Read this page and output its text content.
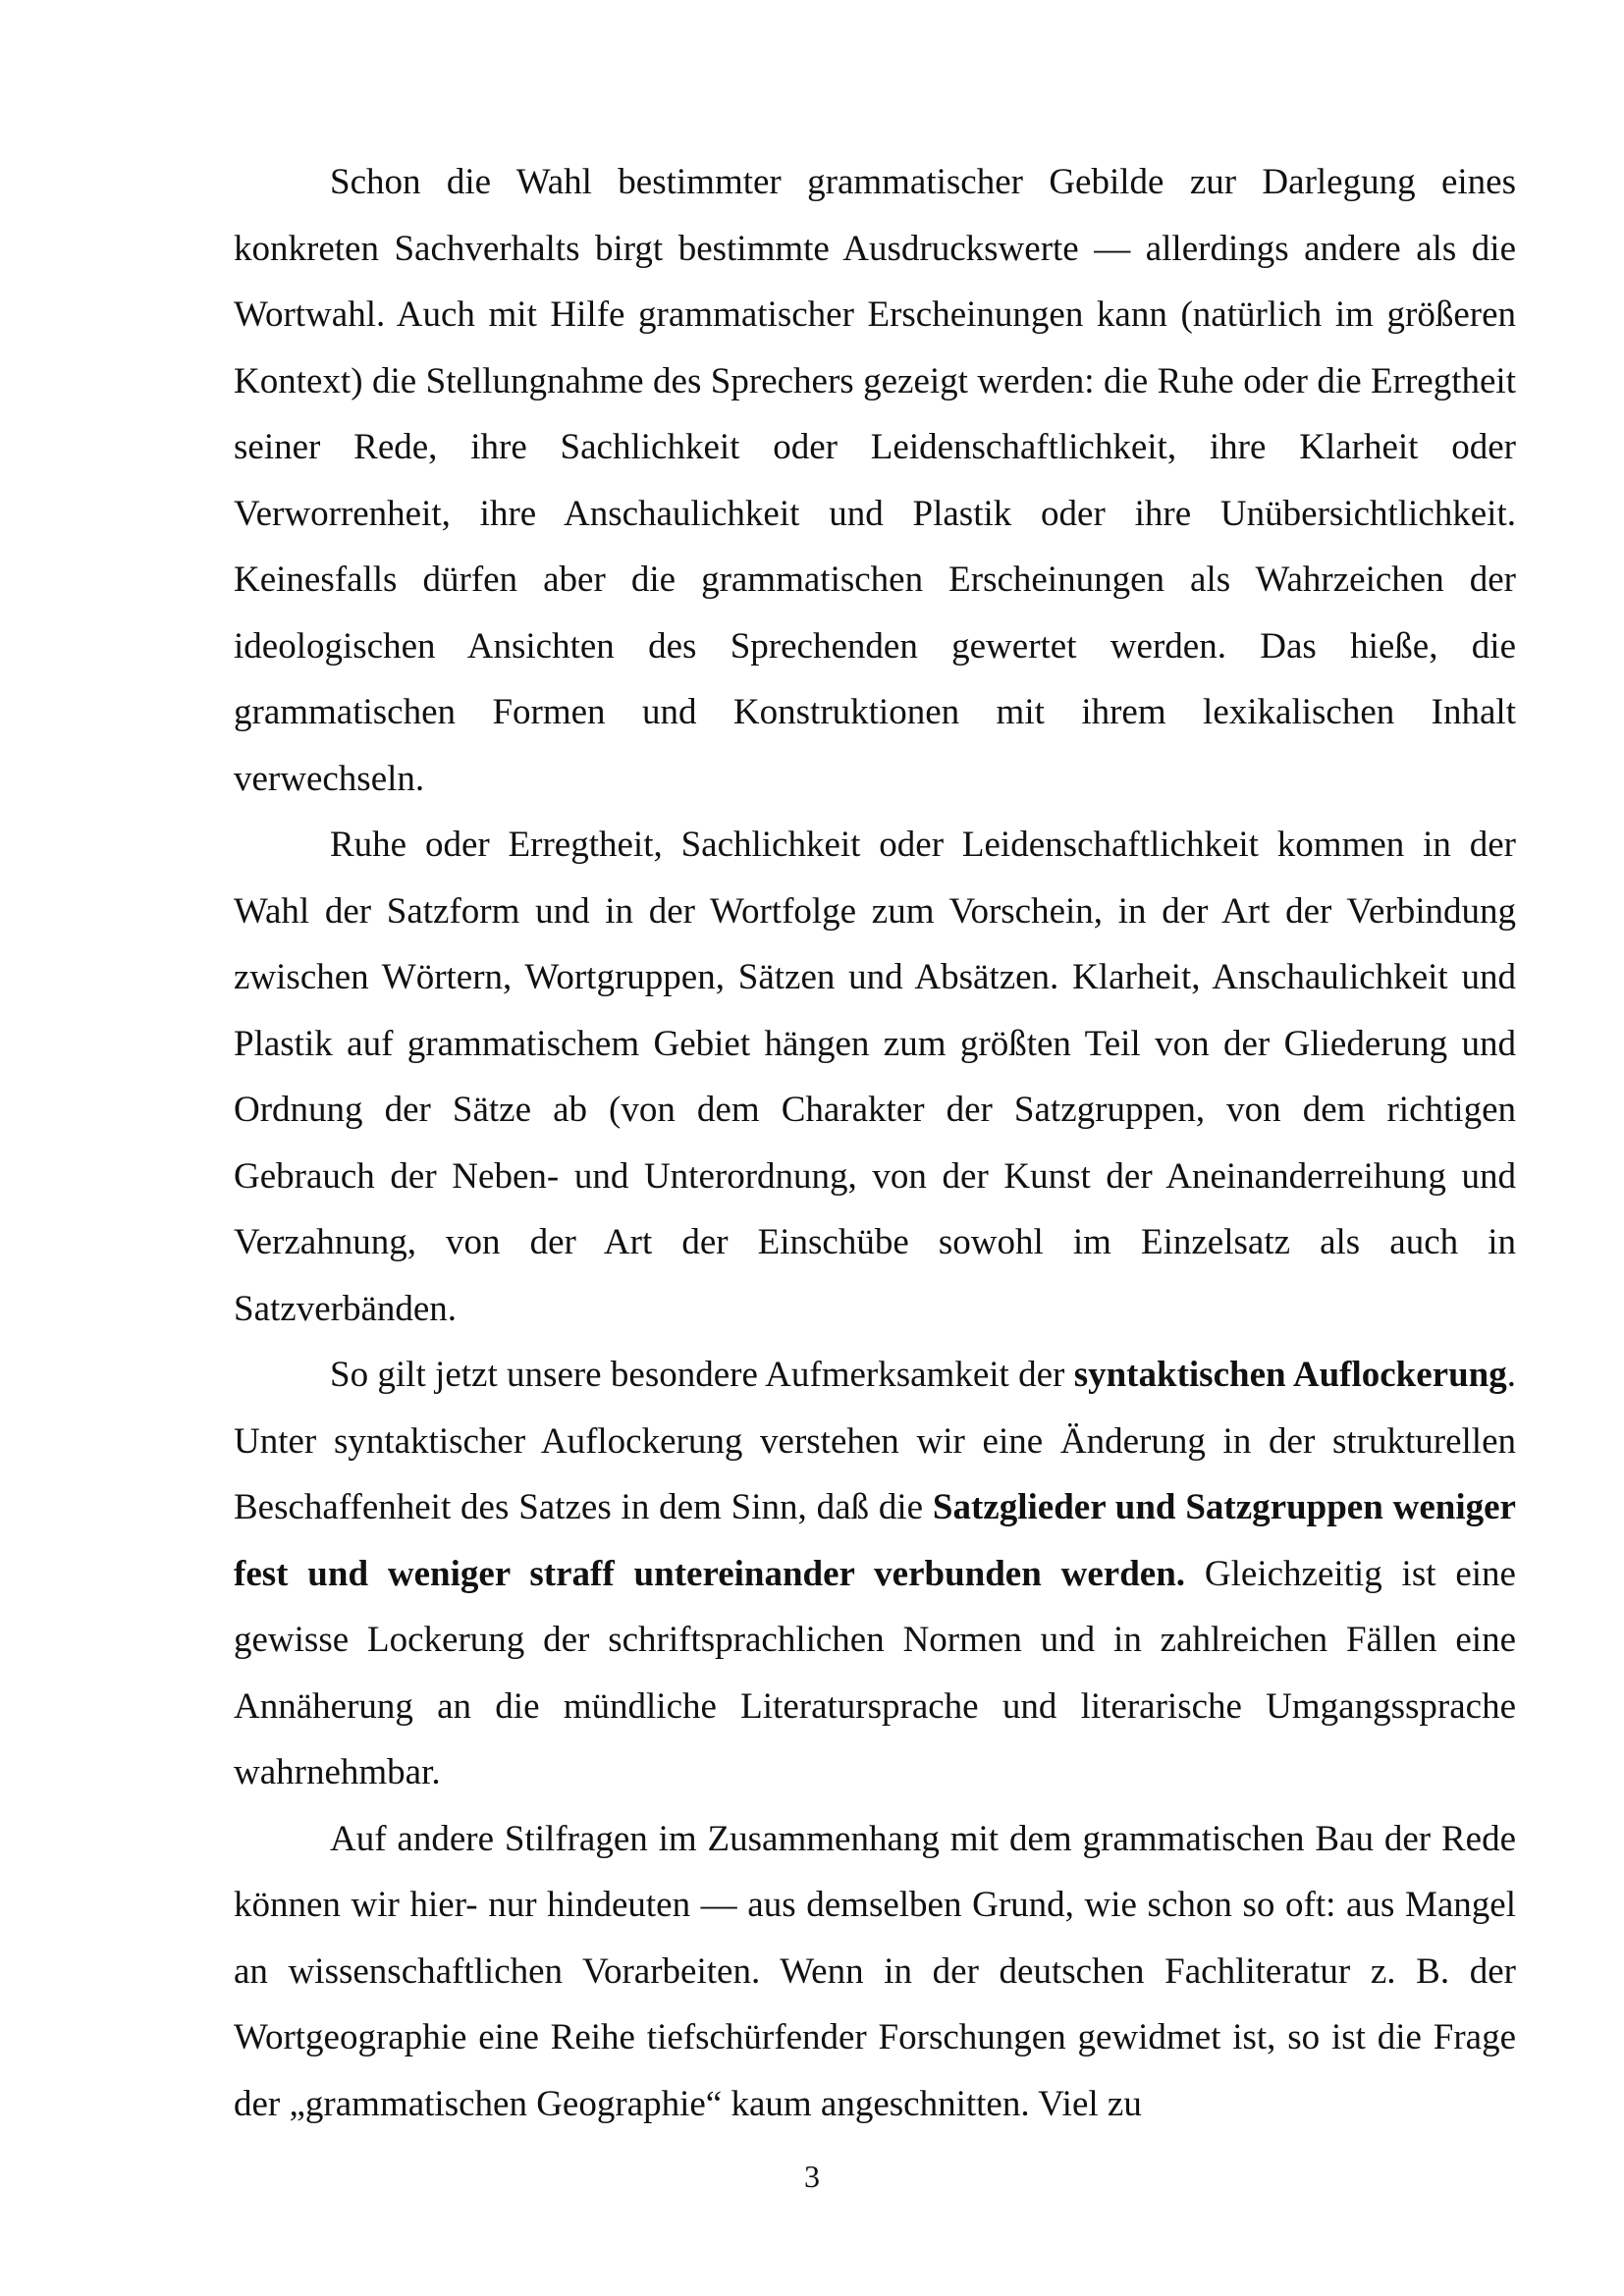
Schon die Wahl bestimmter grammatischer Gebilde zur Darlegung eines konkreten Sachverhalts birgt bestimmte Ausdruckswerte — allerdings andere als die Wortwahl. Auch mit Hilfe grammatischer Erscheinungen kann (natürlich im größeren Kontext) die Stellungnahme des Sprechers gezeigt werden: die Ruhe oder die Erregtheit seiner Rede, ihre Sachlichkeit oder Leidenschaftlichkeit, ihre Klarheit oder Verworrenheit, ihre Anschaulichkeit und Plastik oder ihre Unübersichtlichkeit. Keinesfalls dürfen aber die grammatischen Erscheinungen als Wahrzeichen der ideologischen Ansichten des Sprechenden gewertet werden. Das hieße, die grammatischen Formen und Konstruktionen mit ihrem lexikalischen Inhalt verwechseln.

Ruhe oder Erregtheit, Sachlichkeit oder Leidenschaftlichkeit kommen in der Wahl der Satzform und in der Wortfolge zum Vorschein, in der Art der Verbindung zwischen Wörtern, Wortgruppen, Sätzen und Absätzen. Klarheit, Anschaulichkeit und Plastik auf grammatischem Gebiet hängen zum größten Teil von der Gliederung und Ordnung der Sätze ab (von dem Charakter der Satzgruppen, von dem richtigen Gebrauch der Neben- und Unterordnung, von der Kunst der Aneinanderreihung und Verzahnung, von der Art der Einschübe sowohl im Einzelsatz als auch in Satzverbänden.

So gilt jetzt unsere besondere Aufmerksamkeit der syntaktischen Auflockerung. Unter syntaktischer Auflockerung verstehen wir eine Änderung in der strukturellen Beschaffenheit des Satzes in dem Sinn, daß die Satzglieder und Satzgruppen weniger fest und weniger straff untereinander verbunden werden. Gleichzeitig ist eine gewisse Lockerung der schriftsprachlichen Normen und in zahlreichen Fällen eine Annäherung an die mündliche Literatursprache und literarische Umgangssprache wahrnehmbar.

Auf andere Stilfragen im Zusammenhang mit dem grammatischen Bau der Rede können wir hier- nur hindeuten — aus demselben Grund, wie schon so oft: aus Mangel an wissenschaftlichen Vorarbeiten. Wenn in der deutschen Fachliteratur z. B. der Wortgeographie eine Reihe tiefschürfender Forschungen gewidmet ist, so ist die Frage der „grammatischen Geographie“ kaum angeschnitten. Viel zu

3
